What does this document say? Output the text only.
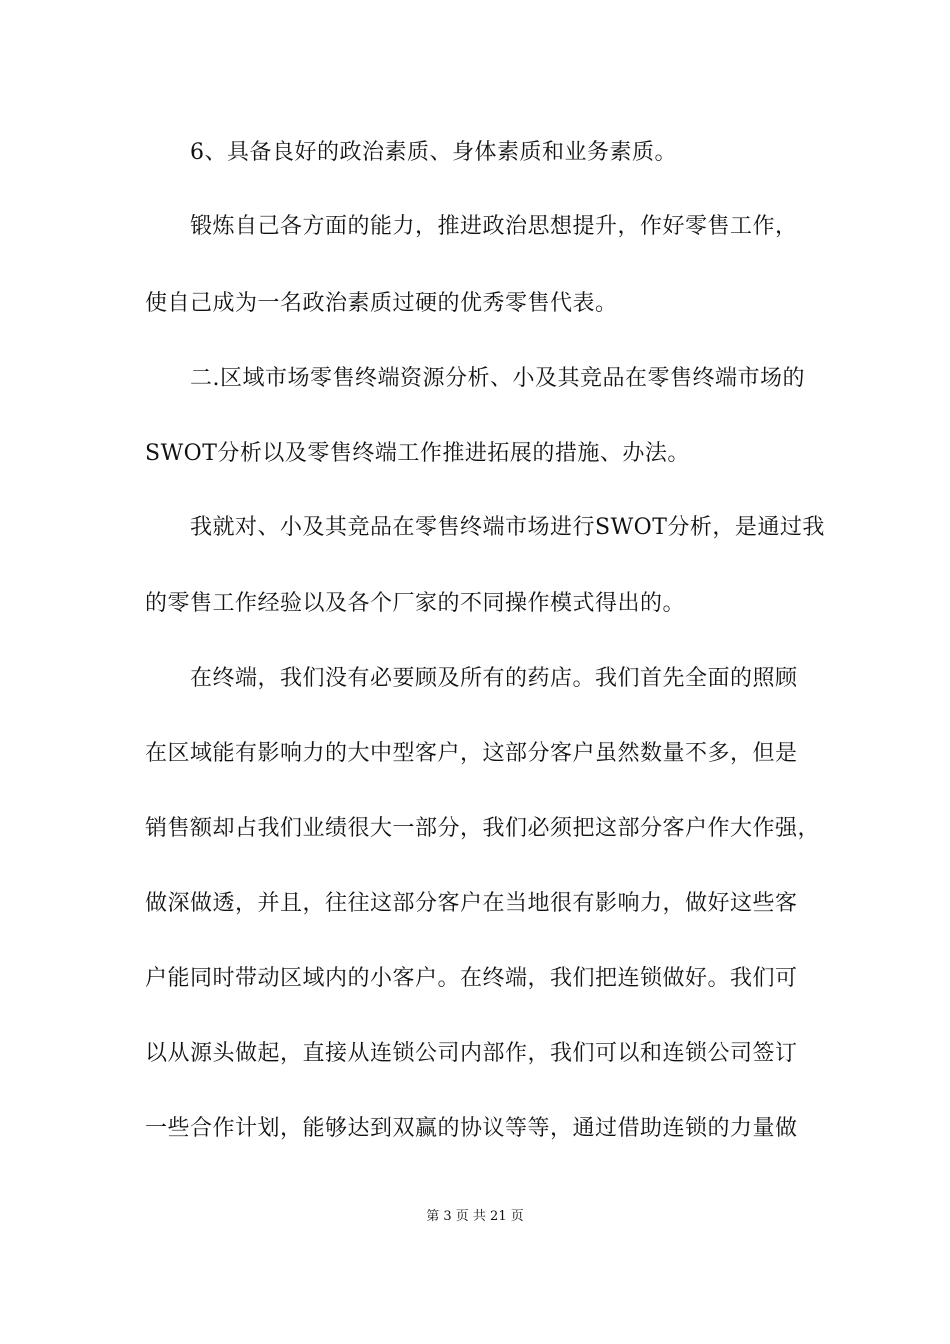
6、具备良好的政治素质、身体素质和业务素质。
锻炼自己各方面的能力，推进政治思想提升，作好零售工作，
使自己成为一名政治素质过硬的优秀零售代表。
二.区域市场零售终端资源分析、小及其竞品在零售终端市场的
SWOT分析以及零售终端工作推进拓展的措施、办法。
我就对、小及其竞品在零售终端市场进行SWOT分析，是通过我
的零售工作经验以及各个厂家的不同操作模式得出的。
在终端，我们没有必要顾及所有的药店。我们首先全面的照顾
在区域能有影响力的大中型客户，这部分客户虽然数量不多，但是
销售额却占我们业绩很大一部分，我们必须把这部分客户作大作强，
做深做透，并且，往往这部分客户在当地很有影响力，做好这些客
户能同时带动区域内的小客户。在终端，我们把连锁做好。我们可
以从源头做起，直接从连锁公司内部作，我们可以和连锁公司签订
一些合作计划，能够达到双赢的协议等等，通过借助连锁的力量做
第 3 页 共 21 页
